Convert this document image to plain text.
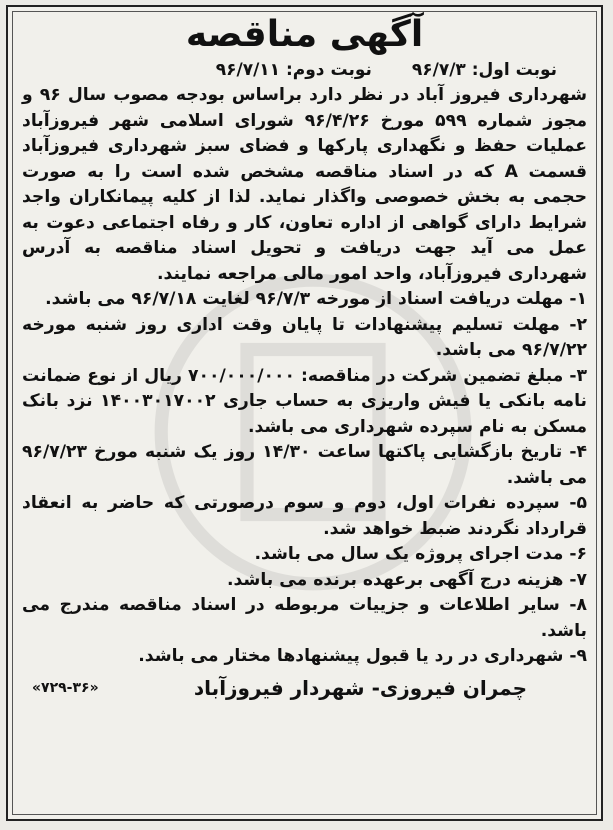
آگهی مناقصه
نوبت اول: ۹۶/۷/۳
نوبت دوم: ۹۶/۷/۱۱

شهرداری فیروز آباد در نظر دارد براساس بودجه مصوب سال ۹۶ و مجوز شماره ۵۹۹ مورخ ۹۶/۴/۲۶ شورای اسلامی شهر فیروزآباد عملیات حفظ و نگهداری پارکها و فضای سبز شهرداری فیروزآباد قسمت A که در اسناد مناقصه مشخص شده است را به صورت حجمی به بخش خصوصی واگذار نماید. لذا از کلیه پیمانکاران واجد شرایط دارای گواهی از اداره تعاون، کار و رفاه اجتماعی دعوت به عمل می آید جهت دریافت و تحویل اسناد مناقصه به آدرس شهرداری فیروزآباد، واحد امور مالی مراجعه نمایند.

۱- مهلت دریافت اسناد از مورخه ۹۶/۷/۳ لغایت ۹۶/۷/۱۸ می باشد.

۲- مهلت تسلیم پیشنهادات تا پایان وقت اداری روز شنبه مورخه ۹۶/۷/۲۲ می باشد.

۳- مبلغ تضمین شرکت در مناقصه: ۷۰۰/۰۰۰/۰۰۰ ریال از نوع ضمانت نامه بانکی یا فیش واریزی به حساب جاری ۱۴۰۰۳۰۱۷۰۰۲ نزد بانک مسکن به نام سپرده شهرداری می باشد.

۴- تاریخ بازگشایی پاکتها ساعت ۱۴/۳۰ روز یک شنبه مورخ ۹۶/۷/۲۳ می باشد.

۵- سپرده نفرات اول، دوم و سوم درصورتی که حاضر به انعقاد قرارداد نگردند ضبط خواهد شد.

۶- مدت اجرای پروژه یک سال می باشد.

۷- هزینه درج آگهی برعهده برنده می باشد.

۸- سایر اطلاعات و جزییات مربوطه در اسناد مناقصه مندرج می باشد.

۹- شهرداری در رد یا قبول پیشنهادها مختار می باشد.

چمران فیروزی- شهردار فیروزآباد
«۷۲۹-۳۶»
